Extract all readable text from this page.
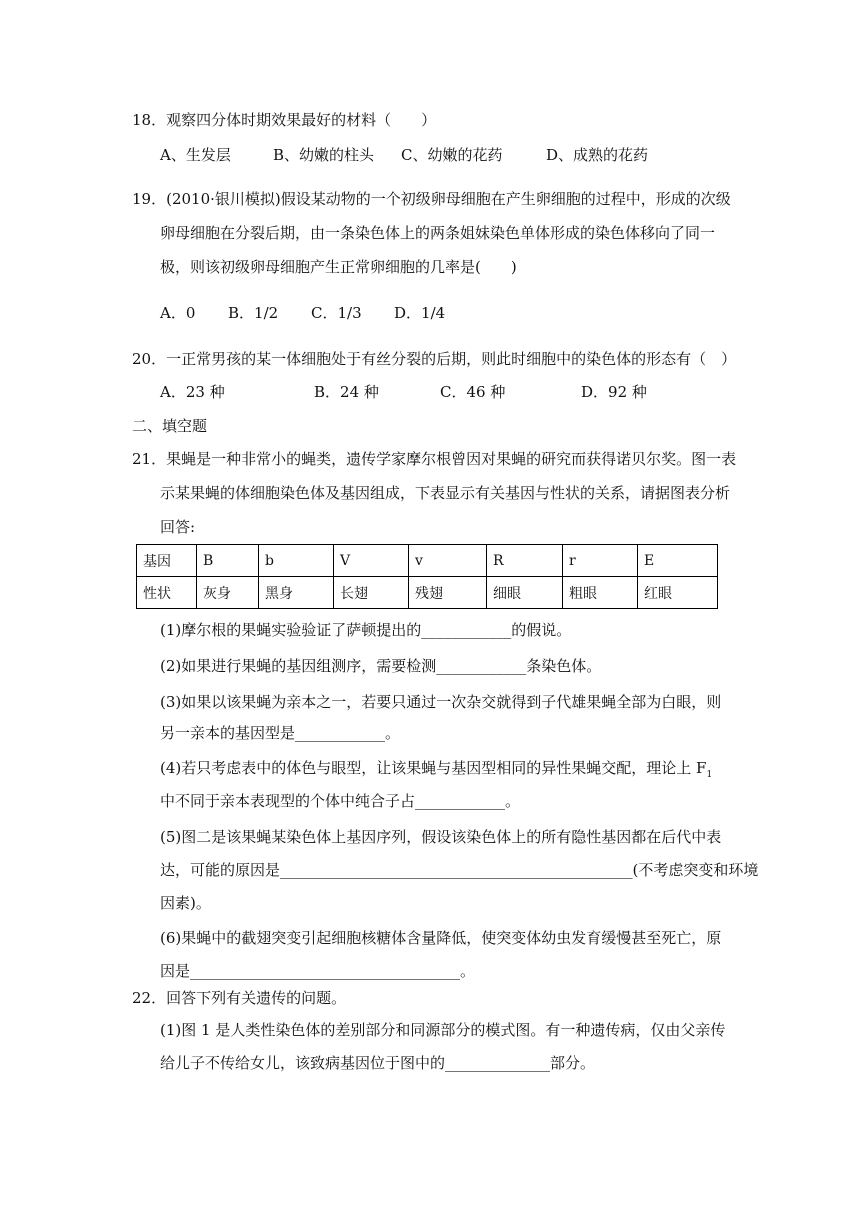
18．观察四分体时期效果最好的材料（　　）
A、生发层	B、幼嫩的柱头 C、幼嫩的花药	D、成熟的花药
19．(2010·银川模拟)假设某动物的一个初级卵母细胞在产生卵细胞的过程中，形成的次级
卵母细胞在分裂后期，由一条染色体上的两条姐妹染色单体形成的染色体移向了同一
极，则该初级卵母细胞产生正常卵细胞的几率是(　　)
A．0 B．1/2 C．1/3 D．1/4
20．一正常男孩的某一体细胞处于有丝分裂的后期，则此时细胞中的染色体的形态有（　）
A．23 种	B．24 种	C．46 种	D．92 种
二、填空题
21．果蝇是一种非常小的蝇类，遗传学家摩尔根曾因对果蝇的研究而获得诺贝尔奖。图一表
示某果蝇的体细胞染色体及基因组成，下表显示有关基因与性状的关系，请据图表分析
回答:
基因	B	b	V	v	R	r	E
性状	灰身	黑身	长翅	残翅	细眼	粗眼	红眼
(1)摩尔根的果蝇实验验证了萨顿提出的____________的假说。
(2)如果进行果蝇的基因组测序，需要检测____________条染色体。
(3)如果以该果蝇为亲本之一，若要只通过一次杂交就得到子代雄果蝇全部为白眼，则
另一亲本的基因型是____________。
(4)若只考虑表中的体色与眼型，让该果蝇与基因型相同的异性果蝇交配，理论上 $F_1$
中不同于亲本表现型的个体中纯合子占____________。
(5)图二是该果蝇某染色体上基因序列，假设该染色体上的所有隐性基因都在后代中表
达，可能的原因是_______________________________________________(不考虑突变和环境
因素)。
(6)果蝇中的截翅突变引起细胞核糖体含量降低，使突变体幼虫发育缓慢甚至死亡，原
因是____________________________________。
22．回答下列有关遗传的问题。
(1)图 1 是人类性染色体的差别部分和同源部分的模式图。有一种遗传病，仅由父亲传
给儿子不传给女儿，该致病基因位于图中的______________部分。
